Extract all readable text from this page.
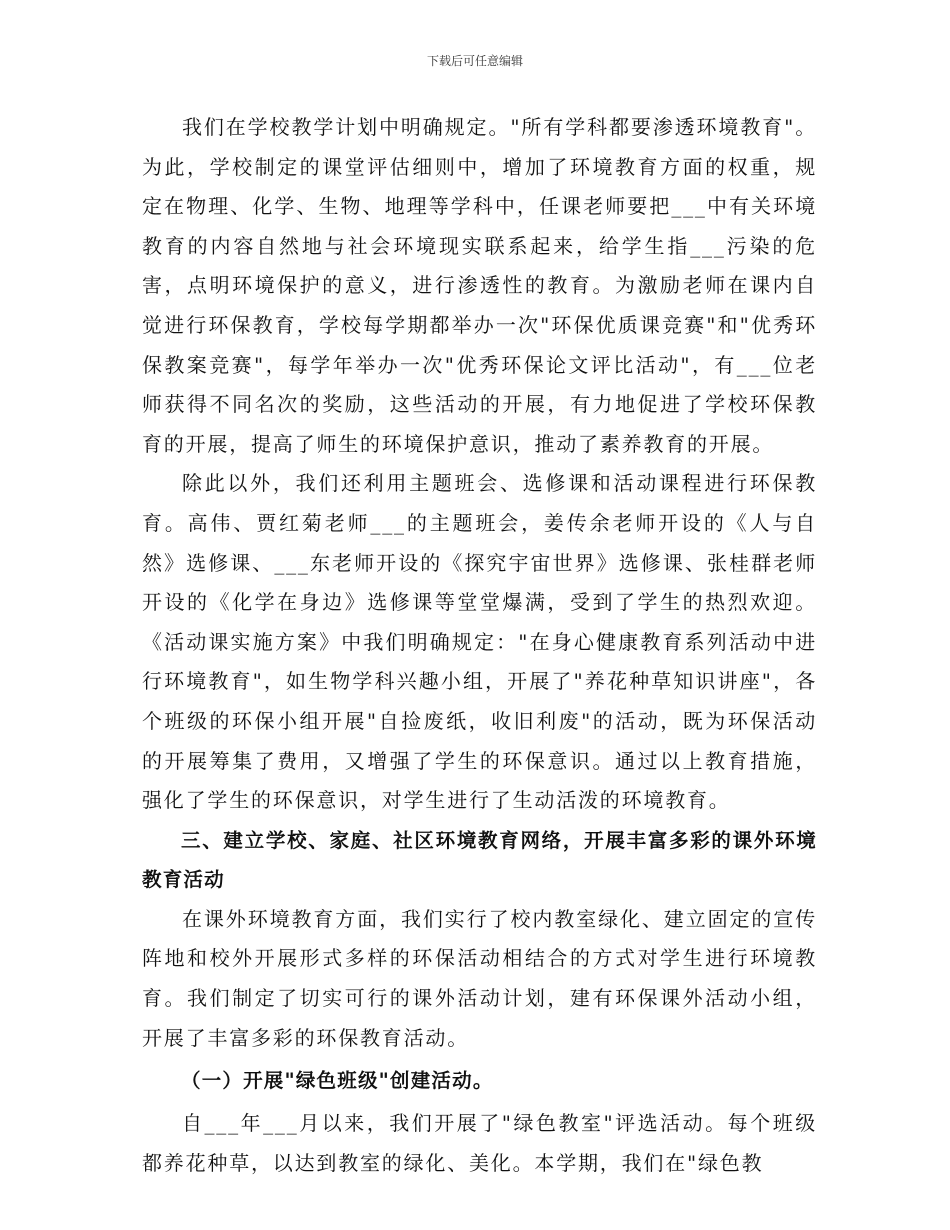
下载后可任意编辑

我们在学校教学计划中明确规定。"所有学科都要渗透环境教育"。为此，学校制定的课堂评估细则中，增加了环境教育方面的权重，规定在物理、化学、生物、地理等学科中，任课老师要把___中有关环境教育的内容自然地与社会环境现实联系起来，给学生指___污染的危害，点明环境保护的意义，进行渗透性的教育。为激励老师在课内自觉进行环保教育，学校每学期都举办一次"环保优质课竞赛"和"优秀环保教案竞赛"，每学年举办一次"优秀环保论文评比活动"，有___位老师获得不同名次的奖励，这些活动的开展，有力地促进了学校环保教育的开展，提高了师生的环境保护意识，推动了素养教育的开展。

除此以外，我们还利用主题班会、选修课和活动课程进行环保教育。高伟、贾红菊老师___的主题班会，姜传余老师开设的《人与自然》选修课、___东老师开设的《探究宇宙世界》选修课、张桂群老师开设的《化学在身边》选修课等堂堂爆满，受到了学生的热烈欢迎。《活动课实施方案》中我们明确规定："在身心健康教育系列活动中进行环境教育"，如生物学科兴趣小组，开展了"养花种草知识讲座"，各个班级的环保小组开展"自捡废纸，收旧利废"的活动，既为环保活动的开展筹集了费用，又增强了学生的环保意识。通过以上教育措施，强化了学生的环保意识，对学生进行了生动活泼的环境教育。

三、建立学校、家庭、社区环境教育网络，开展丰富多彩的课外环境教育活动

在课外环境教育方面，我们实行了校内教室绿化、建立固定的宣传阵地和校外开展形式多样的环保活动相结合的方式对学生进行环境教育。我们制定了切实可行的课外活动计划，建有环保课外活动小组，开展了丰富多彩的环保教育活动。

（一）开展"绿色班级"创建活动。

自___年___月以来，我们开展了"绿色教室"评选活动。每个班级都养花种草，以达到教室的绿化、美化。本学期，我们在"绿色教
